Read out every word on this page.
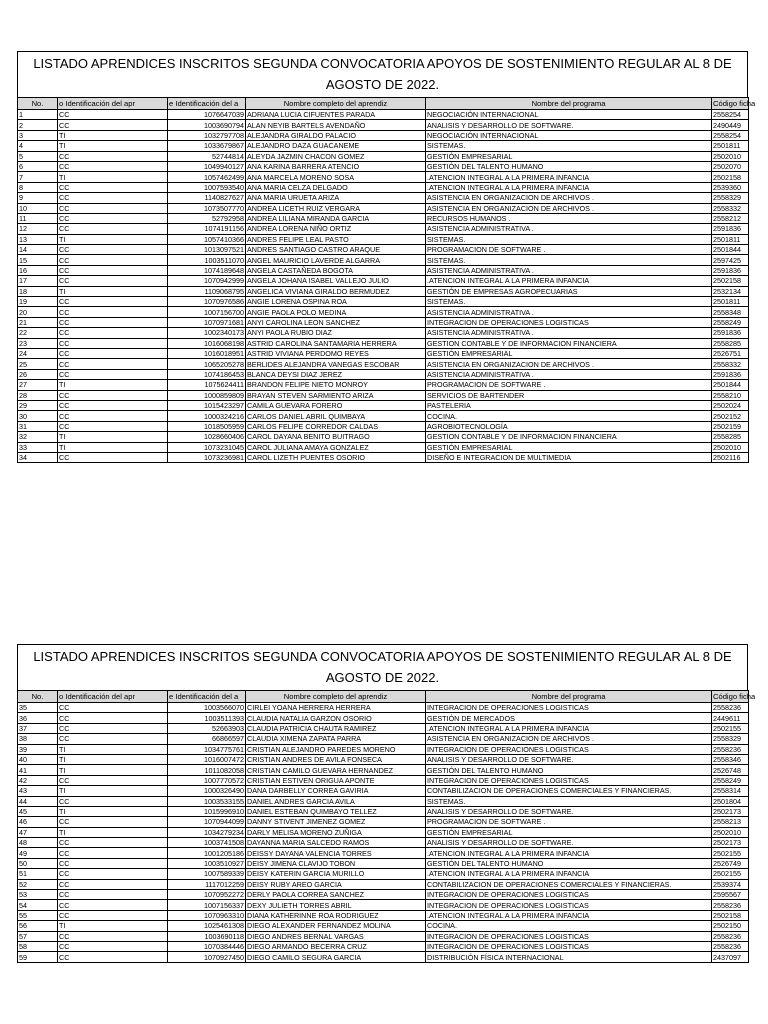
LISTADO APRENDICES INSCRITOS SEGUNDA CONVOCATORIA APOYOS DE SOSTENIMIENTO REGULAR AL 8 DE AGOSTO DE 2022.
No.	o Identificación del apr	e Identificación del a	Nombre completo del aprendiz	Nombre del programa	Código ficha
1	CC	1076647039	ADRIANA LUCIA CIFUENTES PARADA	NEGOCIACIÓN INTERNACIONAL	2558254
2	CC	1003690794	ALAN NEYIB BARTELS AVENDAÑO	ANALISIS Y DESARROLLO DE SOFTWARE.	2490449
3	TI	1032797708	ALEJANDRA GIRALDO PALACIO	NEGOCIACIÓN INTERNACIONAL	2558254
4	TI	1033679867	ALEJANDRO DAZA GUACANEME	SISTEMAS.	2501811
5	CC	52744814	ALEYDA JAZMIN CHACON GOMEZ	GESTIÓN EMPRESARIAL	2502010
6	CC	1049940127	ANA KARINA BARRERA ATENCIO	GESTIÓN DEL TALENTO HUMANO	2502070
7	TI	1057462499	ANA MARCELA MORENO SOSA	.ATENCION INTEGRAL A LA PRIMERA INFANCIA	2502158
8	CC	1007593540	ANA MARIA CELZA DELGADO	.ATENCION INTEGRAL A LA PRIMERA INFANCIA	2539360
9	CC	1140827627	ANA MARIA URUETA ARIZA	ASISTENCIA EN ORGANIZACION DE ARCHIVOS .	2558329
10	CC	1073507770	ANDREA LICETH RUIZ VERGARA	ASISTENCIA EN ORGANIZACION DE ARCHIVOS .	2558332
11	CC	52792958	ANDREA LILIANA MIRANDA GARCIA	RECURSOS HUMANOS .	2558212
12	CC	1074191156	ANDREA LORENA NIÑO ORTIZ	ASISTENCIA ADMINISTRATIVA .	2591836
13	TI	1057410366	ANDRES FELIPE LEAL PASTO	SISTEMAS.	2501811
14	CC	1013097521	ANDRES SANTIAGO CASTRO ARAQUE	PROGRAMACION DE SOFTWARE .	2501844
15	CC	1003511070	ANGEL MAURICIO LAVERDE ALGARRA	SISTEMAS.	2597425
16	CC	1074189648	ANGELA CASTAÑEDA BOGOTA	ASISTENCIA ADMINISTRATIVA .	2591836
17	CC	1070942999	ANGELA JOHANA ISABEL VALLEJO JULIO	.ATENCION INTEGRAL A LA PRIMERA INFANCIA	2502158
18	TI	1109068795	ANGELICA VIVIANA GIRALDO BERMUDEZ	GESTIÓN DE EMPRESAS AGROPECUARIAS	2532134
19	CC	1070976586	ANGIE LORENA OSPINA ROA	SISTEMAS.	2501811
20	CC	1007156700	ANGIE PAOLA POLO MEDINA	ASISTENCIA ADMINISTRATIVA .	2558348
21	CC	1070971681	ANYI CAROLINA LEON SANCHEZ	INTEGRACION DE OPERACIONES LOGISTICAS	2558249
22	CC	1002340173	ANYI PAOLA RUBIO DIAZ	ASISTENCIA ADMINISTRATIVA .	2591836
23	CC	1016068198	ASTRID CAROLINA SANTAMARIA HERRERA	GESTION CONTABLE Y DE INFORMACION FINANCIERA	2558285
24	CC	1016018951	ASTRID VIVIANA PERDOMO REYES	GESTIÓN EMPRESARIAL	2526751
25	CC	1065205278	BERLIDES ALEJANDRA VANEGAS ESCOBAR	ASISTENCIA EN ORGANIZACION DE ARCHIVOS .	2558332
26	CC	1074186453	BLANCA DEYSI DIAZ JEREZ	ASISTENCIA ADMINISTRATIVA .	2591836
27	TI	1075624411	BRANDON FELIPE NIETO MONROY	PROGRAMACION DE SOFTWARE .	2501844
28	CC	1000859809	BRAYAN STEVEN SARMIENTO ARIZA	SERVICIOS DE BARTENDER	2558210
29	CC	1015423297	CAMILA GUEVARA FORERO	PASTELERIA	2502024
30	CC	1000324216	CARLOS DANIEL ABRIL QUIMBAYA	COCINA.	2502152
31	CC	1018505959	CARLOS FELIPE CORREDOR CALDAS	AGROBIOTECNOLOGÍA	2502159
32	TI	1028660406	CAROL DAYANA BENITO BUITRAGO	GESTION CONTABLE Y DE INFORMACION FINANCIERA	2558285
33	TI	1073231045	CAROL JULIANA AMAYA GONZALEZ	GESTIÓN EMPRESARIAL	2502010
34	CC	1073236981	CAROL LIZETH PUENTES OSORIO	DISEÑO E INTEGRACION DE MULTIMEDIA	2502116
LISTADO APRENDICES INSCRITOS SEGUNDA CONVOCATORIA APOYOS DE SOSTENIMIENTO REGULAR AL 8 DE AGOSTO DE 2022.
No.	o Identificación del apr	e Identificación del a	Nombre completo del aprendiz	Nombre del programa	Código ficha
35	CC	1003566070	CIRLEI YOANA HERRERA HERRERA	INTEGRACION DE OPERACIONES LOGISTICAS	2558236
36	CC	1003511393	CLAUDIA NATALIA GARZON OSORIO	GESTIÓN DE MERCADOS	2449611
37	CC	52663903	CLAUDIA PATRICIA CHAUTA RAMIREZ	.ATENCION INTEGRAL A LA PRIMERA INFANCIA	2502155
38	CC	66866597	CLAUDIA XIMENA ZAPATA PARRA	ASISTENCIA EN ORGANIZACION DE ARCHIVOS .	2558329
39	TI	1034775761	CRISTIAN ALEJANDRO PAREDES MORENO	INTEGRACION DE OPERACIONES LOGISTICAS	2558236
40	TI	1016007472	CRISTIAN ANDRES DE AVILA FONSECA	ANALISIS Y DESARROLLO DE SOFTWARE.	2558346
41	TI	1011082058	CRISTIAN CAMILO GUEVARA HERNANDEZ	GESTIÓN DEL TALENTO HUMANO	2526748
42	CC	1007770572	CRISTIAN ESTIVEN ORIGUA APONTE	INTEGRACION DE OPERACIONES LOGISTICAS	2558249
43	TI	1000326490	DANA DARBELLY CORREA GAVIRIA	CONTABILIZACION DE OPERACIONES COMERCIALES Y FINANCIERAS.	2558314
44	CC	1003533155	DANIEL ANDRES GARCIA AVILA	SISTEMAS.	2501804
45	TI	1015996910	DANIEL ESTEBAN QUIMBAYO TELLEZ	ANALISIS Y DESARROLLO DE SOFTWARE.	2502173
46	CC	1070944099	DANNY STIVENT JIMENEZ GOMEZ	PROGRAMACION DE SOFTWARE .	2558213
47	TI	1034279234	DARLY MELISA MORENO ZUÑIGA	GESTIÓN EMPRESARIAL	2502010
48	CC	1003741508	DAYANNA MARIA SALCEDO RAMOS	ANALISIS Y DESARROLLO DE SOFTWARE.	2502173
49	CC	1001205186	DEISSY DAYANA VALENCIA TORRES	.ATENCION INTEGRAL A LA PRIMERA INFANCIA	2502155
50	CC	1003510927	DEISY JIMENA CLAVIJO TOBON	GESTIÓN DEL TALENTO HUMANO	2526749
51	CC	1007589339	DEISY KATERIN GARCIA MURILLO	.ATENCION INTEGRAL A LA PRIMERA INFANCIA	2502155
52	CC	1117012259	DEISY RUBY AREO GARCIA	CONTABILIZACION DE OPERACIONES COMERCIALES Y FINANCIERAS.	2539374
53	CC	1070952272	DERLY PAOLA CORREA SANCHEZ	INTEGRACION DE OPERACIONES LOGISTICAS	2595567
54	CC	1007156337	DEXY JULIETH TORRES ABRIL	INTEGRACION DE OPERACIONES LOGISTICAS	2558236
55	CC	1070963310	DIANA KATHERINNE ROA RODRIGUEZ	.ATENCION INTEGRAL A LA PRIMERA INFANCIA	2502158
56	TI	1025461308	DIEGO ALEXANDER FERNANDEZ MOLINA	COCINA.	2502150
57	CC	1003690118	DIEGO ANDRES BERNAL VARGAS	INTEGRACION DE OPERACIONES LOGISTICAS	2558236
58	CC	1070384446	DIEGO ARMANDO BECERRA CRUZ	INTEGRACION DE OPERACIONES LOGISTICAS	2558236
59	CC	1070927450	DIEGO CAMILO SEGURA GARCIA	DISTRIBUCIÓN FÍSICA INTERNACIONAL	2437097
